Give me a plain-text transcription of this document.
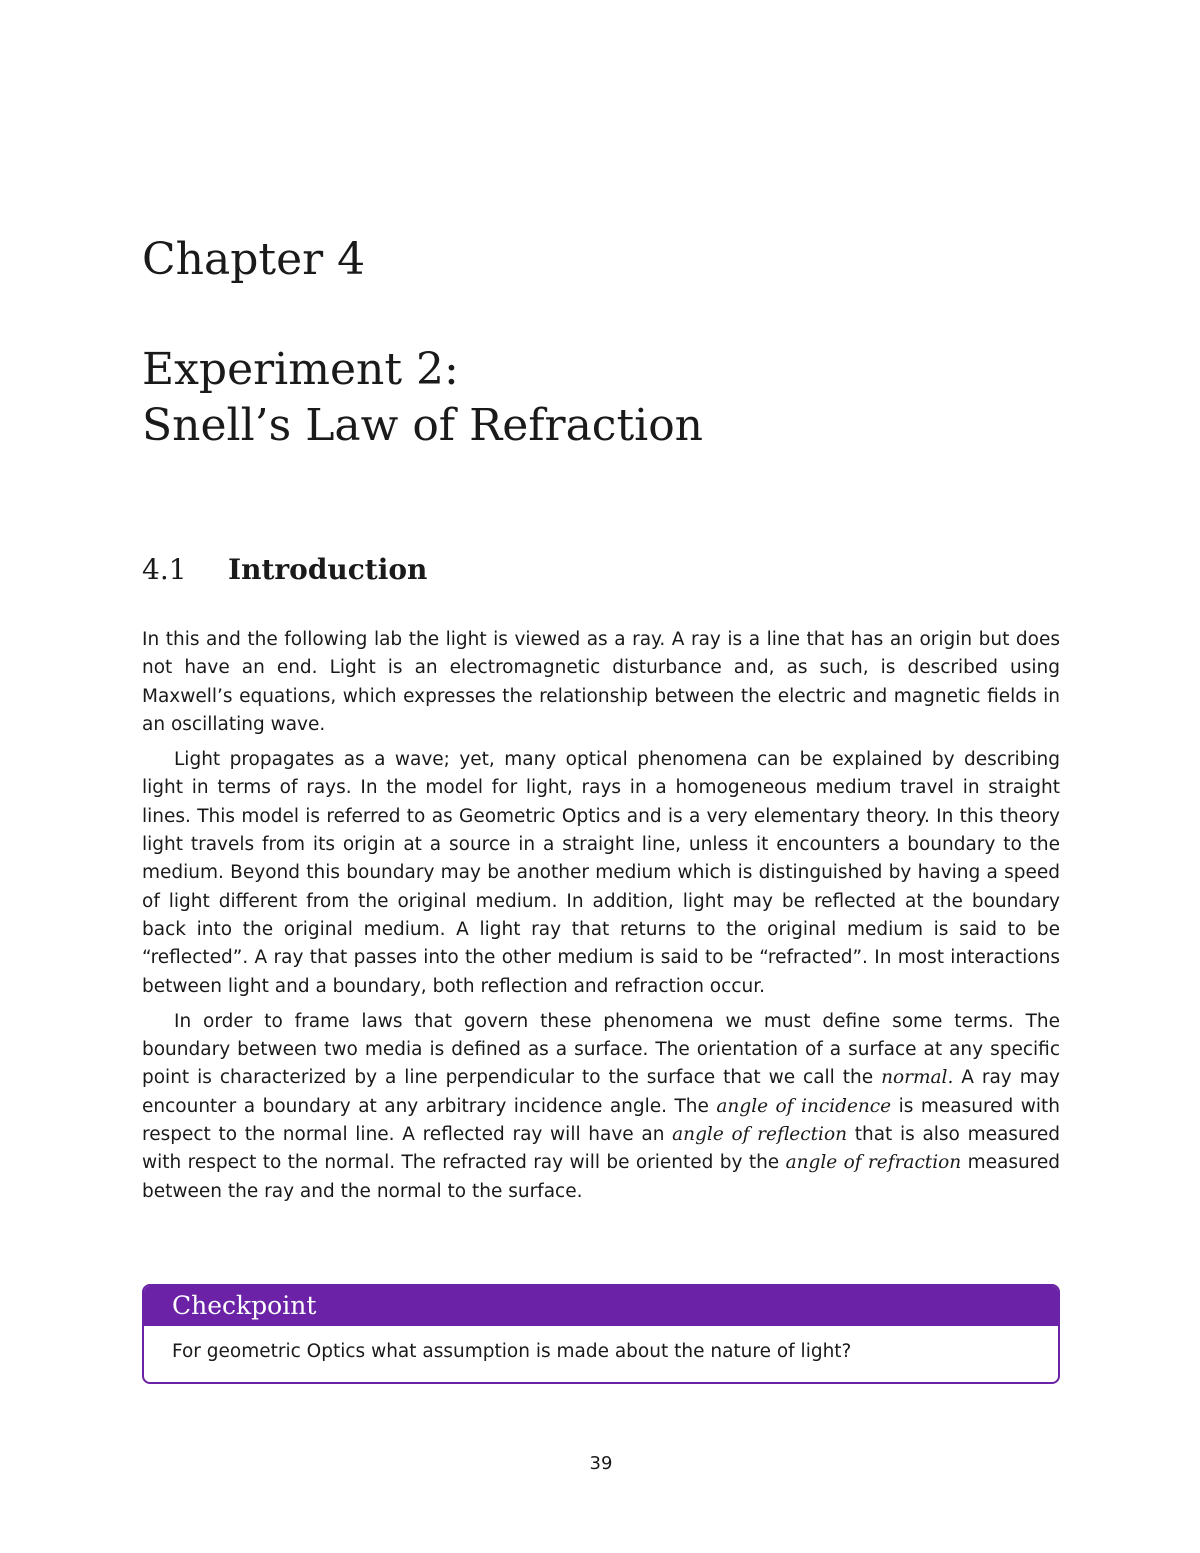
Chapter 4
Experiment 2:
Snell’s Law of Refraction
4.1 Introduction

In this and the following lab the light is viewed as a ray. A ray is a line that has an origin but does not have an end. Light is an electromagnetic disturbance and, as such, is described using Maxwell’s equations, which expresses the relationship between the electric and magnetic fields in an oscillating wave.

Light propagates as a wave; yet, many optical phenomena can be explained by describing light in terms of rays. In the model for light, rays in a homogeneous medium travel in straight lines. This model is referred to as Geometric Optics and is a very elementary theory. In this theory light travels from its origin at a source in a straight line, unless it encounters a boundary to the medium. Beyond this boundary may be another medium which is distinguished by having a speed of light different from the original medium. In addition, light may be reflected at the boundary back into the original medium. A light ray that returns to the original medium is said to be “reflected”. A ray that passes into the other medium is said to be “refracted”. In most interactions between light and a boundary, both reflection and refraction occur.

In order to frame laws that govern these phenomena we must define some terms. The boundary between two media is defined as a surface. The orientation of a surface at any specific point is characterized by a line perpendicular to the surface that we call the normal. A ray may encounter a boundary at any arbitrary incidence angle. The angle of incidence is measured with respect to the normal line. A reflected ray will have an angle of reflection that is also measured with respect to the normal. The refracted ray will be oriented by the angle of refraction measured between the ray and the normal to the surface.

Checkpoint
For geometric Optics what assumption is made about the nature of light?
39
